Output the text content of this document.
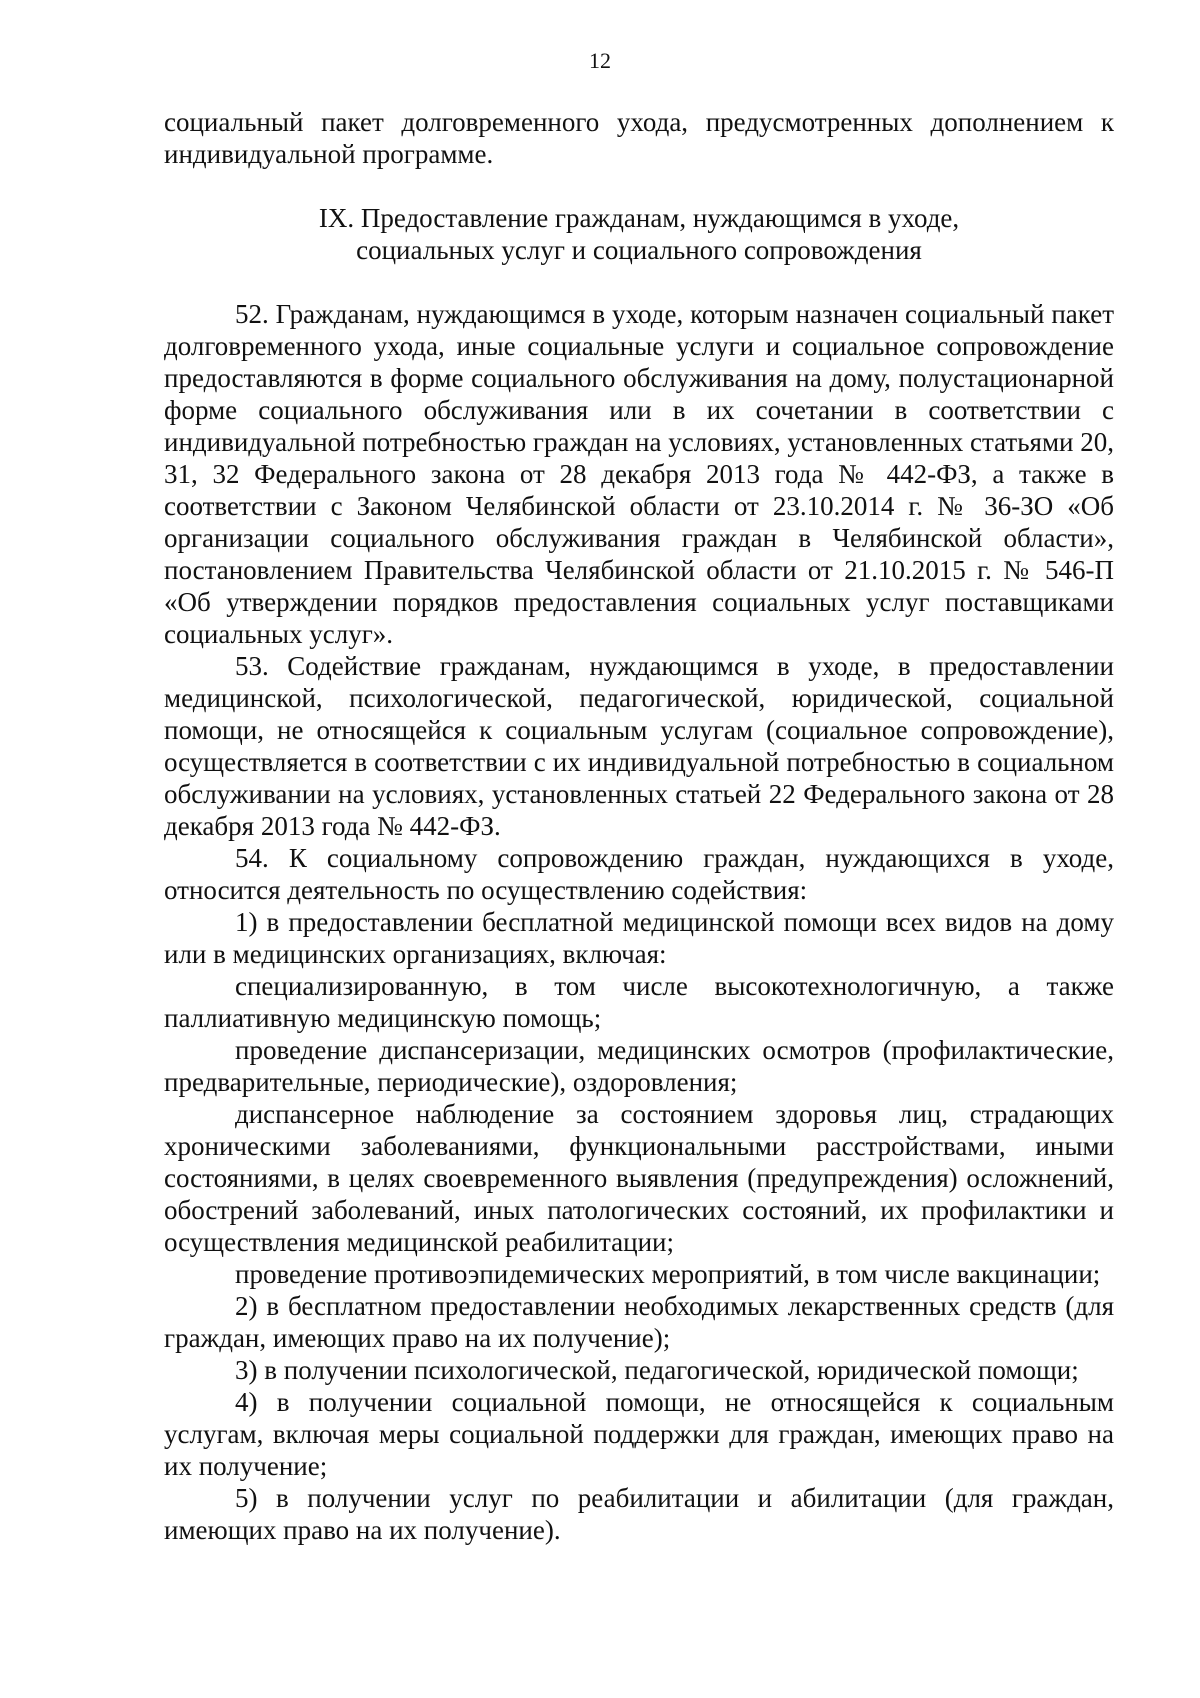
12

социальный пакет долговременного ухода, предусмотренных дополнением к индивидуальной программе.

IX. Предоставление гражданам, нуждающимся в уходе,
социальных услуг и социального сопровождения

52. Гражданам, нуждающимся в уходе, которым назначен социальный пакет долговременного ухода, иные социальные услуги и социальное сопровождение предоставляются в форме социального обслуживания на дому, полустационарной форме социального обслуживания или в их сочетании в соответствии с индивидуальной потребностью граждан на условиях, установленных статьями 20, 31, 32 Федерального закона от 28 декабря 2013 года № 442-ФЗ, а также в соответствии с Законом Челябинской области от 23.10.2014 г. № 36-ЗО «Об организации социального обслуживания граждан в Челябинской области», постановлением Правительства Челябинской области от 21.10.2015 г. № 546-П «Об утверждении порядков предоставления социальных услуг поставщиками социальных услуг».

53. Содействие гражданам, нуждающимся в уходе, в предоставлении медицинской, психологической, педагогической, юридической, социальной помощи, не относящейся к социальным услугам (социальное сопровождение), осуществляется в соответствии с их индивидуальной потребностью в социальном обслуживании на условиях, установленных статьей 22 Федерального закона от 28 декабря 2013 года № 442-ФЗ.

54. К социальному сопровождению граждан, нуждающихся в уходе, относится деятельность по осуществлению содействия:

1) в предоставлении бесплатной медицинской помощи всех видов на дому или в медицинских организациях, включая:

специализированную, в том числе высокотехнологичную, а также паллиативную медицинскую помощь;

проведение диспансеризации, медицинских осмотров (профилактические, предварительные, периодические), оздоровления;

диспансерное наблюдение за состоянием здоровья лиц, страдающих хроническими заболеваниями, функциональными расстройствами, иными состояниями, в целях своевременного выявления (предупреждения) осложнений, обострений заболеваний, иных патологических состояний, их профилактики и осуществления медицинской реабилитации;

проведение противоэпидемических мероприятий, в том числе вакцинации;

2) в бесплатном предоставлении необходимых лекарственных средств (для граждан, имеющих право на их получение);

3) в получении психологической, педагогической, юридической помощи;

4) в получении социальной помощи, не относящейся к социальным услугам, включая меры социальной поддержки для граждан, имеющих право на их получение;

5) в получении услуг по реабилитации и абилитации (для граждан, имеющих право на их получение).
